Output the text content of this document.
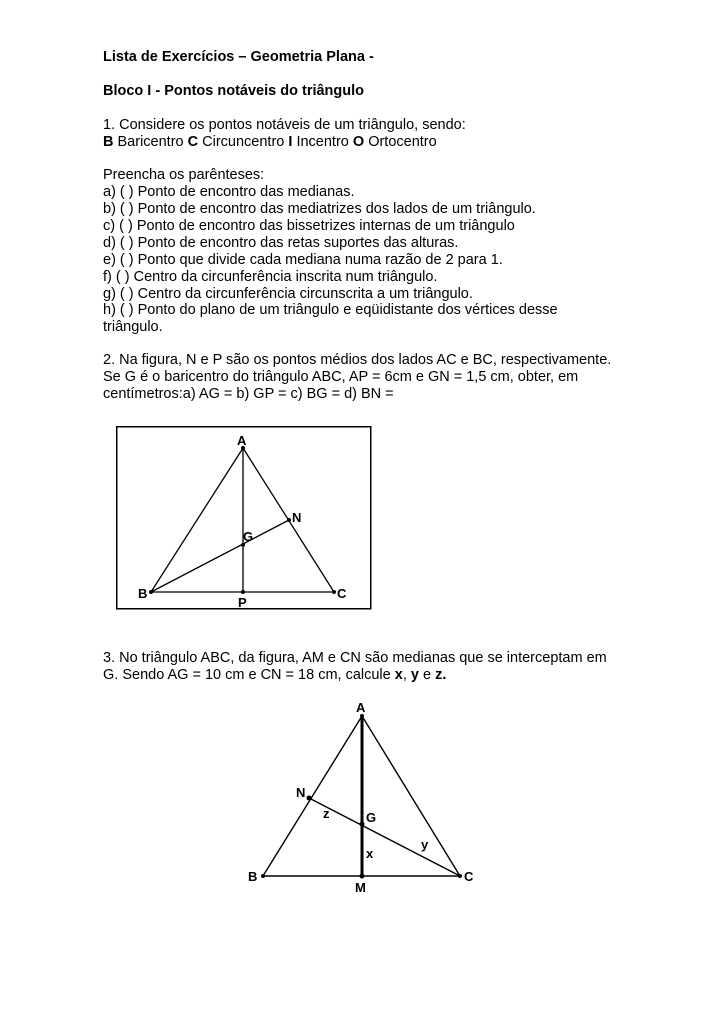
Lista de Exercícios – Geometria Plana -
Bloco I - Pontos notáveis do triângulo
1. Considere os pontos notáveis de um triângulo, sendo:
B Baricentro C Circuncentro I Incentro O Ortocentro
Preencha os parênteses:
a) ( ) Ponto de encontro das medianas.
b) ( ) Ponto de encontro das mediatrizes dos lados de um triângulo.
c) ( ) Ponto de encontro das bissetrizes internas de um triângulo
d) ( ) Ponto de encontro das retas suportes das alturas.
e) ( ) Ponto que divide cada mediana numa razão de 2 para 1.
f) ( ) Centro da circunferência inscrita num triângulo.
g) ( ) Centro da circunferência circunscrita a um triângulo.
h) ( ) Ponto do plano de um triângulo e eqüidistante dos vértices desse
triângulo.
2. Na figura, N e P são os pontos médios dos lados AC e BC, respectivamente.
Se G é o baricentro do triângulo ABC, AP = 6cm e GN = 1,5 cm, obter, em
centímetros:a) AG = b) GP = c) BG = d) BN =
A
B	C
G
N
P
3. No triângulo ABC, da figura, AM e CN são medianas que se interceptam em
G. Sendo AG = 10 cm e CN = 18 cm, calcule x, y e z.
A
B	C
G
M
N
x
y
z
